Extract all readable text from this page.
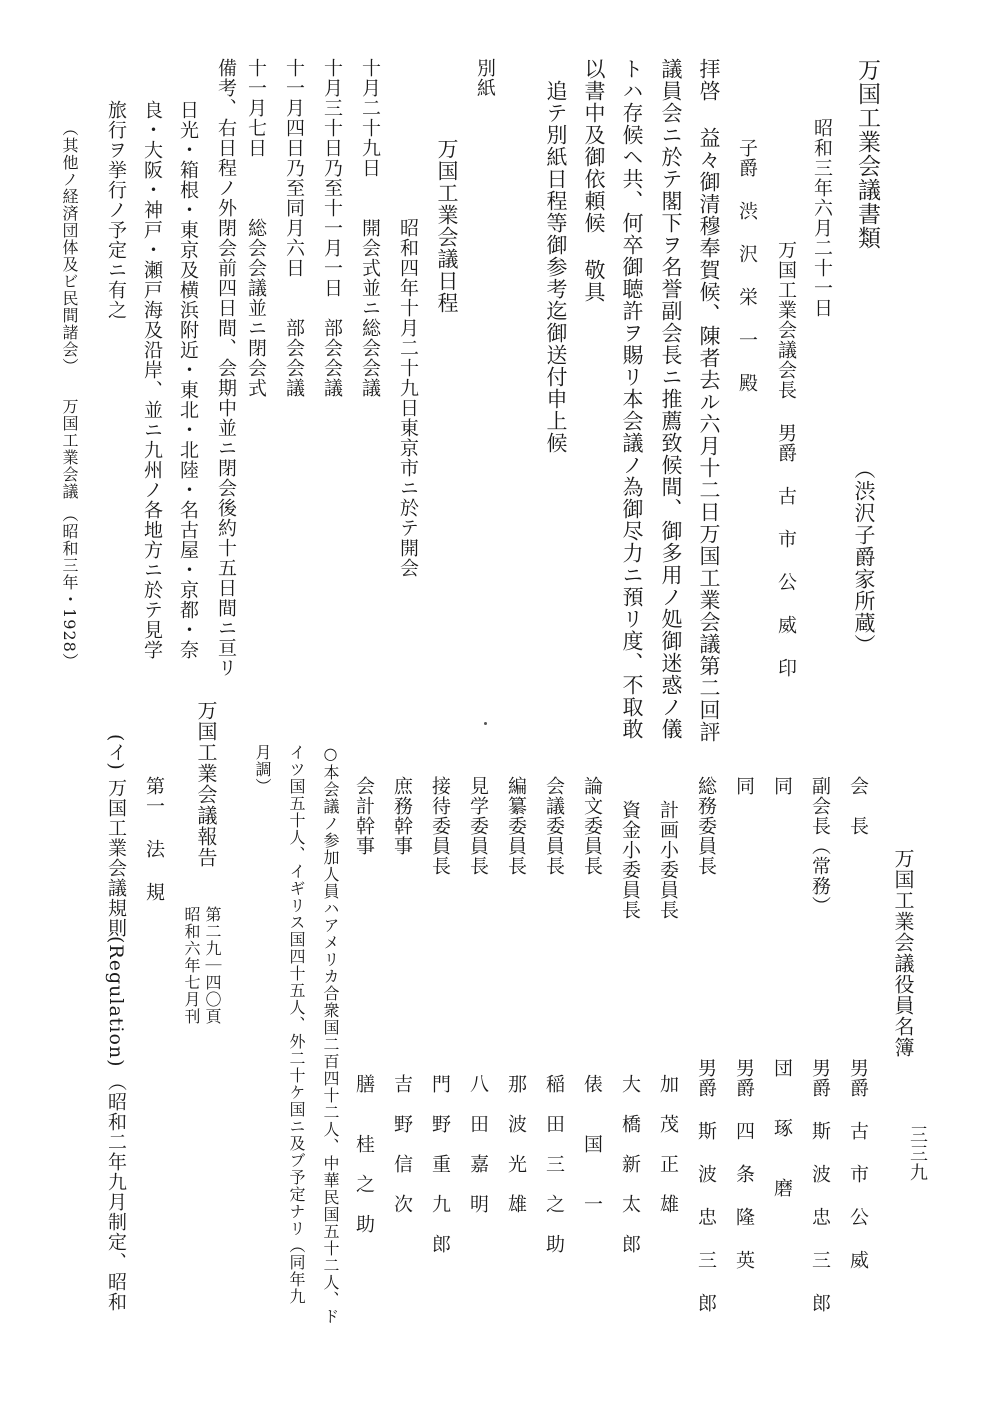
万国工業会議書類
（渋沢子爵家所蔵）
昭和三年六月二十一日
万国工業会議会長 男爵 古 市 公 威 印
子爵 渋 沢 栄 一 殿
拝啓 益々御清穆奉賀候、陳者去ル六月十二日万国工業会議第二回評
議員会ニ於テ閣下ヲ名誉副会長ニ推薦致候間、御多用ノ処御迷惑ノ儀
トハ存候ヘ共、何卒御聴許ヲ賜リ本会議ノ為御尽力ニ預リ度、不取敢
以書中及御依頼候 敬具
追テ別紙日程等御参考迄御送付申上候
別紙
万国工業会議日程
昭和四年十月二十九日東京市ニ於テ開会
十月二十九日　　開会式並ニ総会会議
十月三十日乃至十一月一日　部会会議
十一月四日乃至同月六日　　部会会議
十一月七日　　　総会会議並ニ閉会式
備考、右日程ノ外閉会前四日間、会期中並ニ閉会後約十五日間ニ亘リ
日光・箱根・東京及横浜附近・東北・北陸・名古屋・京都・奈
良・大阪・神戸・瀬戸海及沿岸、並ニ九州ノ各地方ニ於テ見学
旅行ヲ挙行ノ予定ニ有之
（其他ノ経済団体及ビ民間諸会）
万国工業会議 （昭和三年・1928）
万国工業会議役員名簿
会　長
副会長（常務）
同
同
総務委員長
計画小委員長
資金小委員長
論文委員長
会議委員長
編纂委員長
見学委員長
接待委員長
庶務幹事
会計幹事
男爵 古 市 公 威
男爵 斯 波 忠 三 郎
団　　琢　　磨
男爵 四 条 隆 英
男爵 斯 波 忠 三 郎
加　茂　正　雄
大　橋　新　太　郎
俵　　国　　一
稲　田　三　之　助
那　波　光　雄
八　田　嘉　明
門　野　重　九　郎
吉　野　信　次
膳　　桂　之　助
○本会議ノ参加人員ハアメリカ合衆国二百四十二人、中華民国五十二人、ド
イツ国五十人、イギリス国四十五人、外二十ケ国ニ及ブ予定ナリ（同年九
月調）
万国工業会議報告
第二九｜四〇頁
昭和六年七月刊
第一 法 規
(イ) 万国工業会議規則
(Regulation)
（昭和二年九月制定、昭和	三三九
